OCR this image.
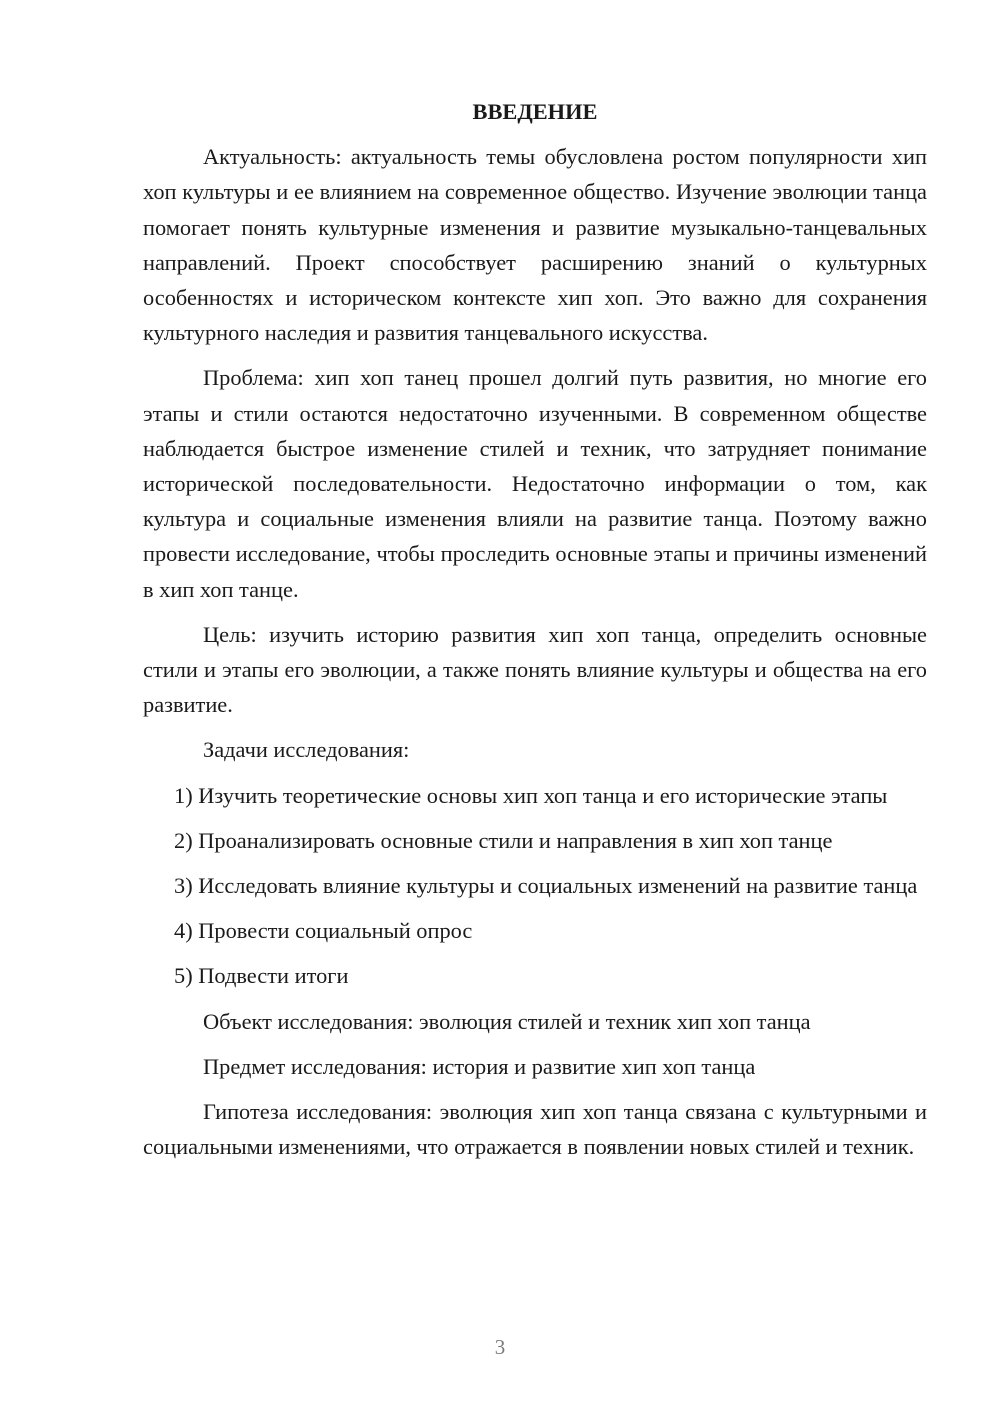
ВВЕДЕНИЕ

Актуальность: актуальность темы обусловлена ростом популярности хип хоп культуры и ее влиянием на современное общество. Изучение эволюции танца помогает понять культурные изменения и развитие музыкально-танцевальных направлений. Проект способствует расширению знаний о культурных особенностях и историческом контексте хип хоп. Это важно для сохранения культурного наследия и развития танцевального искусства.

Проблема: хип хоп танец прошел долгий путь развития, но многие его этапы и стили остаются недостаточно изученными. В современном обществе наблюдается быстрое изменение стилей и техник, что затрудняет понимание исторической последовательности. Недостаточно информации о том, как культура и социальные изменения влияли на развитие танца. Поэтому важно провести исследование, чтобы проследить основные этапы и причины изменений в хип хоп танце.

Цель: изучить историю развития хип хоп танца, определить основные стили и этапы его эволюции, а также понять влияние культуры и общества на его развитие.

Задачи исследования:

1) Изучить теоретические основы хип хоп танца и его исторические этапы

2) Проанализировать основные стили и направления в хип хоп танце

3) Исследовать влияние культуры и социальных изменений на развитие танца

4) Провести социальный опрос

5) Подвести итоги

Объект исследования: эволюция стилей и техник хип хоп танца

Предмет исследования: история и развитие хип хоп танца

Гипотеза исследования: эволюция хип хоп танца связана с культурными и социальными изменениями, что отражается в появлении новых стилей и техник.

3
